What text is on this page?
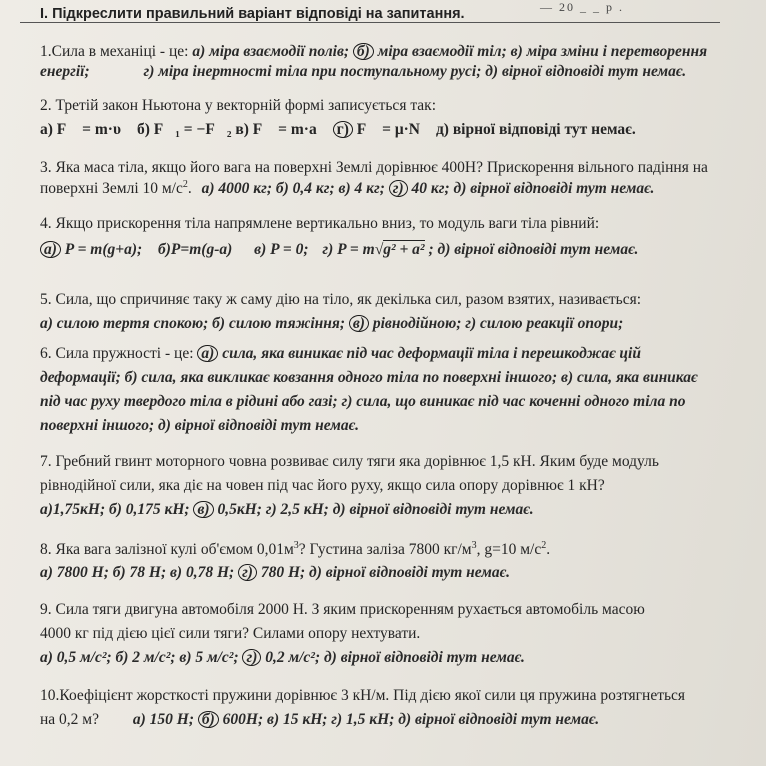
— 20 _ _ р .
I. Підкреслити правильний варіант відповіді на запитання.
1.Сила в механіці - це: а) міра взаємодії полів; б) міра взаємодії тіл; в) міра зміни і перетворення
енергії;	г) міра інертності тіла при поступальному русі; д) вірної відповіді тут немає.
2. Третій закон Ньютона у векторній формі записується так:
а) F⃗ = m·υ⃗ б) F⃗₁ = −F⃗₂ в) F⃗ = m·a⃗ г) F⃗ = μ·N⃗ д) вірної відповіді тут немає.
3. Яка маса тіла, якщо його вага на поверхні Землі дорівнює 400Н? Прискорення вільного падіння на
поверхні Землі 10 $м/с^2$. а) 4000 кг; б) 0,4 кг; в) 4 кг; г) 40 кг; д) вірної відповіді тут немає.
4. Якщо прискорення тіла напрямлене вертикально вниз, то модуль ваги тіла рівний:
а) P = m(g+a); б)P=m(g-a) в) P = 0; г) P = m√g² + a² ; д) вірної відповіді тут немає.
5. Сила, що спричиняє таку ж саму дію на тіло, як декілька сил, разом взятих, називається:
а) силою тертя спокою; б) силою тяжіння; в) рівнодійною; г) силою реакції опори;
6. Сила пружності - це: а) сила, яка виникає під час деформації тіла і перешкоджає цій
деформації; б) сила, яка викликає ковзання одного тіла по поверхні іншого; в) сила, яка виникає
під час руху твердого тіла в рідині або газі; г) сила, що виникає під час коченні одного тіла по
поверхні іншого; д) вірної відповіді тут немає.
7. Гребний гвинт моторного човна розвиває силу тяги яка дорівнює 1,5 кН. Яким буде модуль
рівнодійної сили, яка діє на човен під час його руху, якщо сила опору дорівнює 1 кН?
а)1,75кН; б) 0,175 кН; в) 0,5кН; г) 2,5 кН; д) вірної відповіді тут немає.
8. Яка вага залізної кулі об'ємом $0,01м^3$? Густина заліза 7800 $кг/м^3$, g=10 $м/с^2$.
а) 7800 Н; б) 78 Н; в) 0,78 Н; г) 780 Н; д) вірної відповіді тут немає.
9. Сила тяги двигуна автомобіля 2000 Н. З яким прискоренням рухається автомобіль масою
4000 кг під дією цієї сили тяги? Силами опору нехтувати.
а) 0,5 м/с²; б) 2 м/с²; в) 5 м/с²; г) 0,2 м/с²; д) вірної відповіді тут немає.
10.Коефіцієнт жорсткості пружини дорівнює 3 кН/м. Під дією якої сили ця пружина розтягнеться
на 0,2 м? а) 150 Н; б) 600Н; в) 15 кН; г) 1,5 кН; д) вірної відповіді тут немає.
